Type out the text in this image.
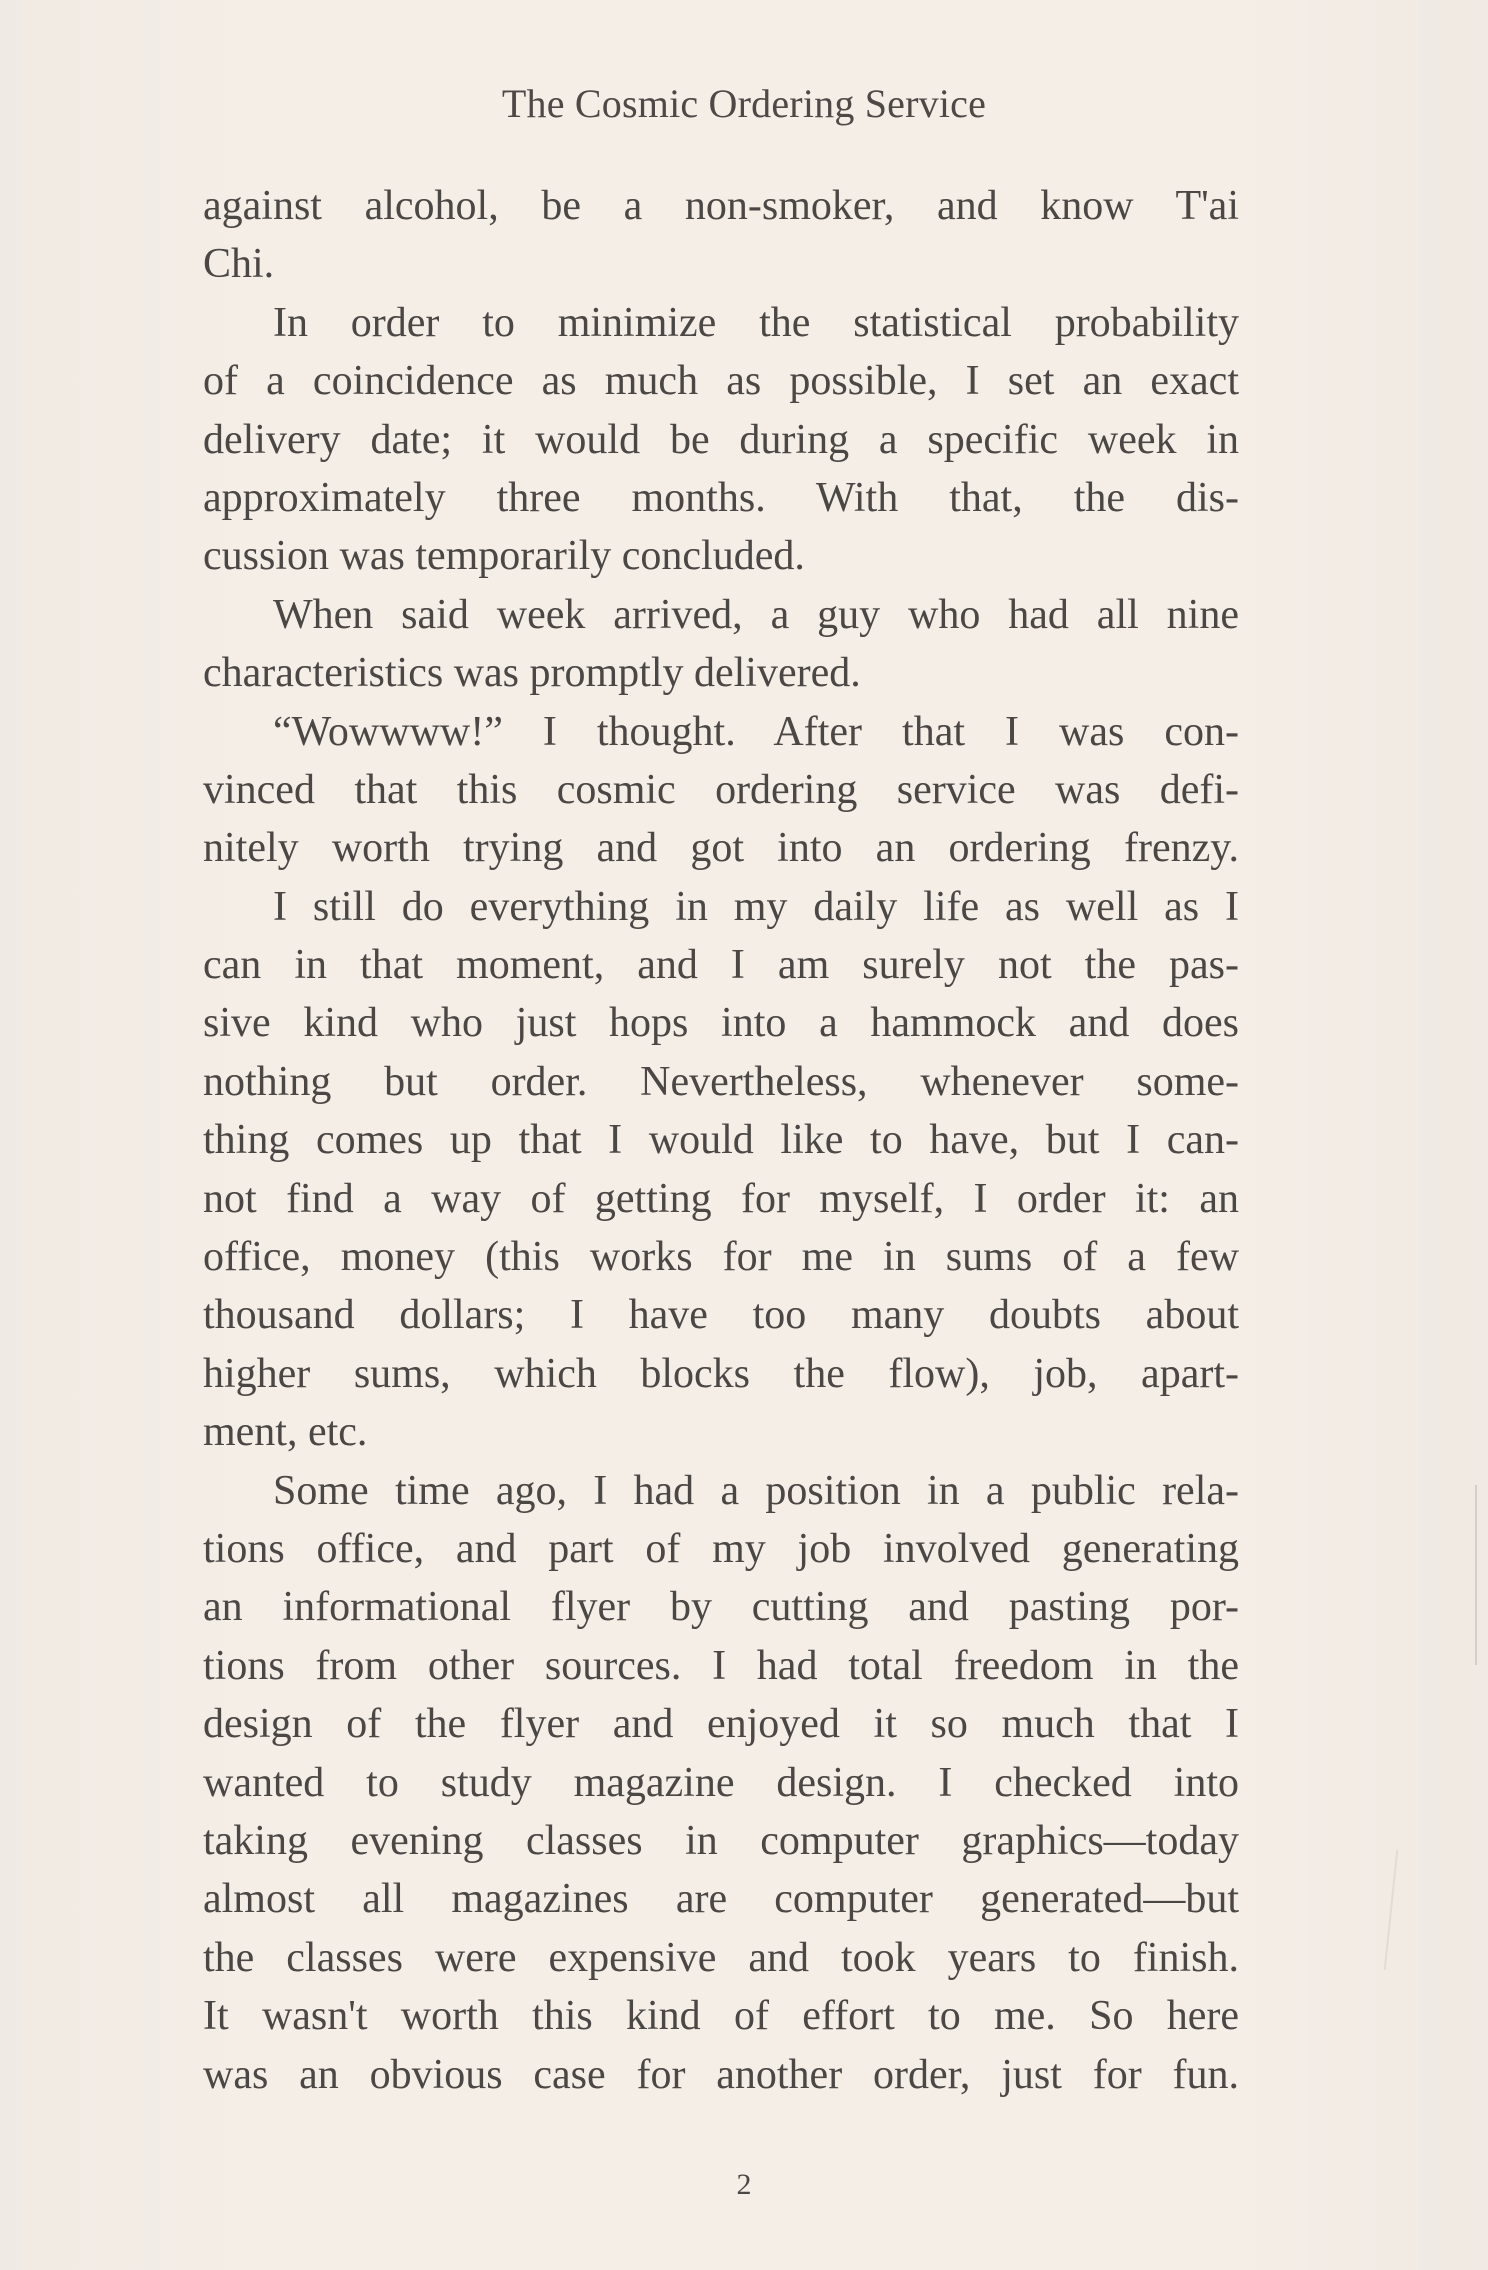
The Cosmic Ordering Service
against alcohol, be a non-smoker, and know T'ai
Chi.
In order to minimize the statistical probability
of a coincidence as much as possible, I set an exact
delivery date; it would be during a specific week in
approximately three months. With that, the dis-
cussion was temporarily concluded.
When said week arrived, a guy who had all nine
characteristics was promptly delivered.
“Wowwww!” I thought. After that I was con-
vinced that this cosmic ordering service was defi-
nitely worth trying and got into an ordering frenzy.
I still do everything in my daily life as well as I
can in that moment, and I am surely not the pas-
sive kind who just hops into a hammock and does
nothing but order. Nevertheless, whenever some-
thing comes up that I would like to have, but I can-
not find a way of getting for myself, I order it: an
office, money (this works for me in sums of a few
thousand dollars; I have too many doubts about
higher sums, which blocks the flow), job, apart-
ment, etc.
Some time ago, I had a position in a public rela-
tions office, and part of my job involved generating
an informational flyer by cutting and pasting por-
tions from other sources. I had total freedom in the
design of the flyer and enjoyed it so much that I
wanted to study magazine design. I checked into
taking evening classes in computer graphics—today
almost all magazines are computer generated—but
the classes were expensive and took years to finish.
It wasn't worth this kind of effort to me. So here
was an obvious case for another order, just for fun.
2
